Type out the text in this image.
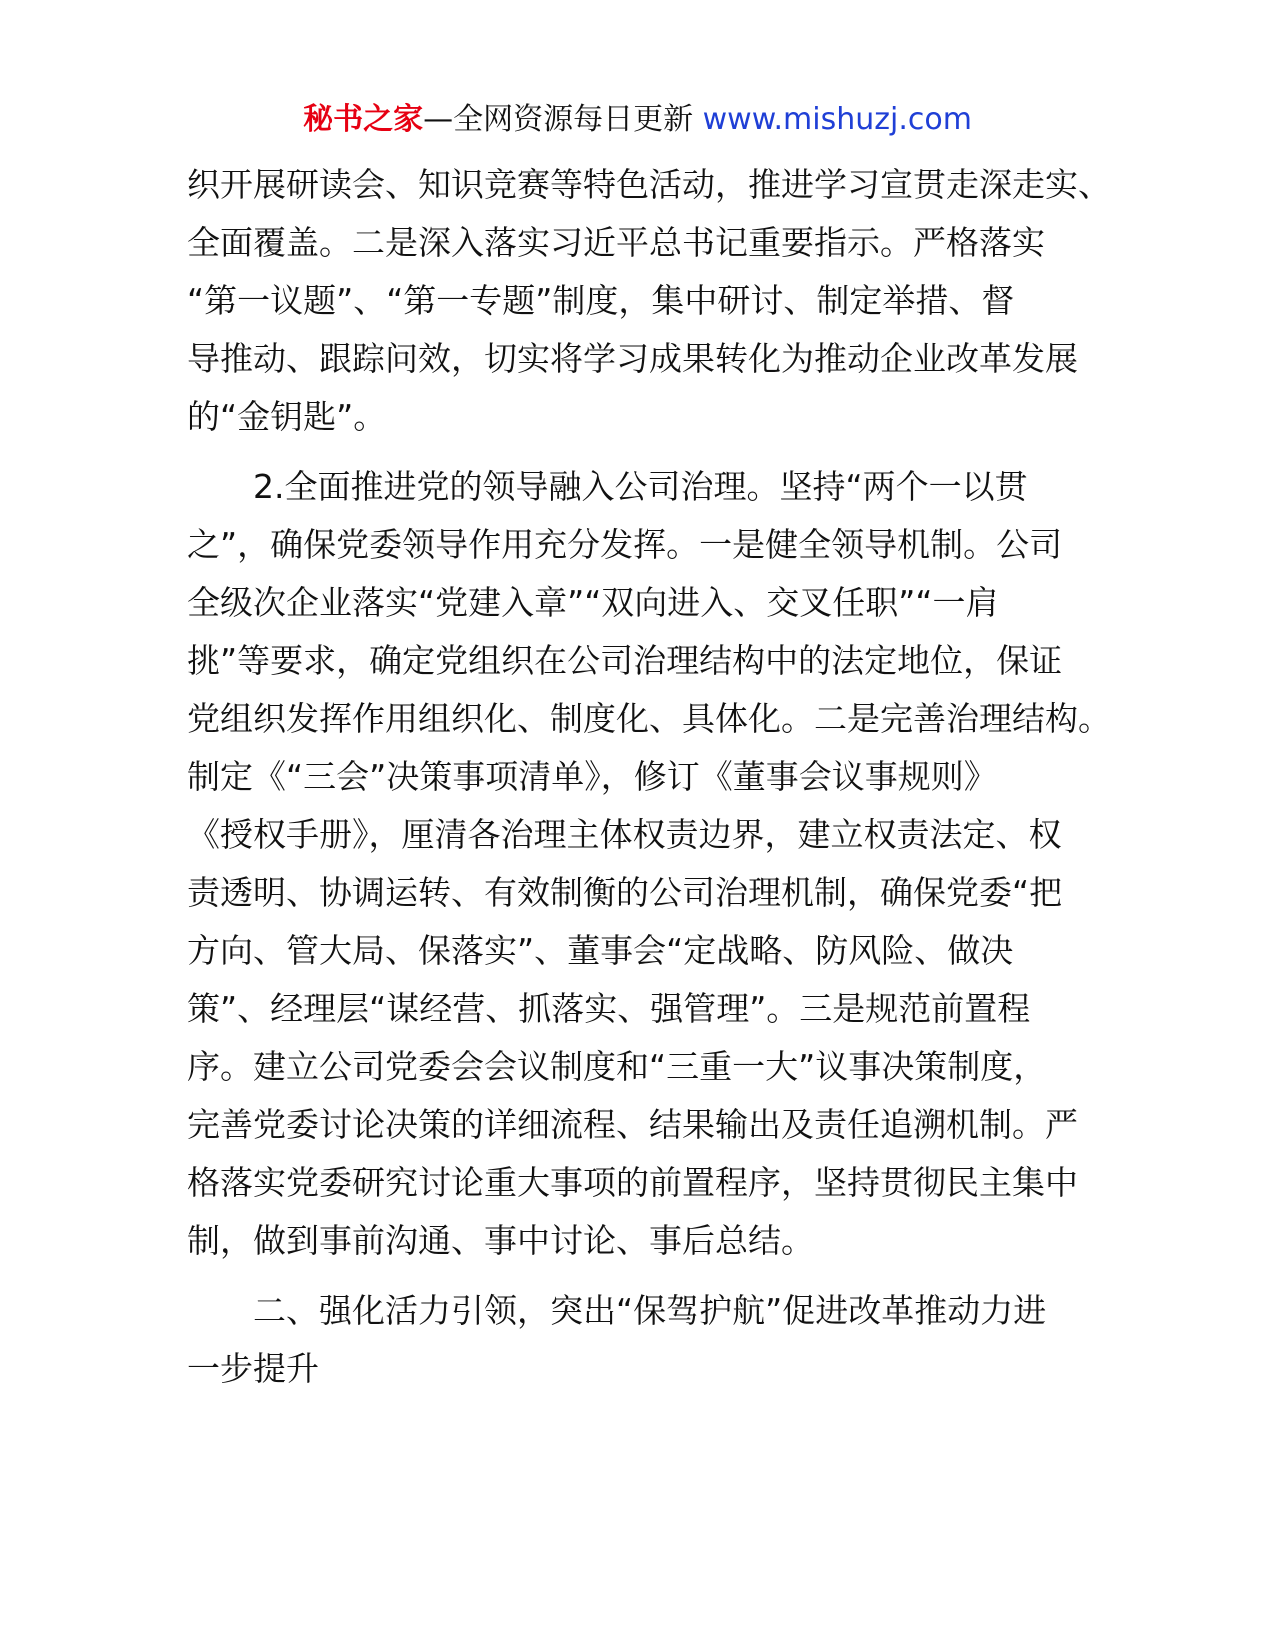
秘书之家—全网资源每日更新 www.mishuzj.com
织开展研读会、知识竞赛等特色活动，推进学习宣贯走深走实、
全面覆盖。二是深入落实习近平总书记重要指示。严格落实
“第一议题”、“第一专题”制度，集中研讨、制定举措、督
导推动、跟踪问效，切实将学习成果转化为推动企业改革发展
的“金钥匙”。
2.全面推进党的领导融入公司治理。坚持“两个一以贯
之”，确保党委领导作用充分发挥。一是健全领导机制。公司
全级次企业落实“党建入章”“双向进入、交叉任职”“一肩
挑”等要求，确定党组织在公司治理结构中的法定地位，保证
党组织发挥作用组织化、制度化、具体化。二是完善治理结构。
制定《“三会”决策事项清单》，修订《董事会议事规则》
《授权手册》，厘清各治理主体权责边界，建立权责法定、权
责透明、协调运转、有效制衡的公司治理机制，确保党委“把
方向、管大局、保落实”、董事会“定战略、防风险、做决
策”、经理层“谋经营、抓落实、强管理”。三是规范前置程
序。建立公司党委会会议制度和“三重一大”议事决策制度，
完善党委讨论决策的详细流程、结果输出及责任追溯机制。严
格落实党委研究讨论重大事项的前置程序，坚持贯彻民主集中
制，做到事前沟通、事中讨论、事后总结。
二、强化活力引领，突出“保驾护航”促进改革推动力进
一步提升
